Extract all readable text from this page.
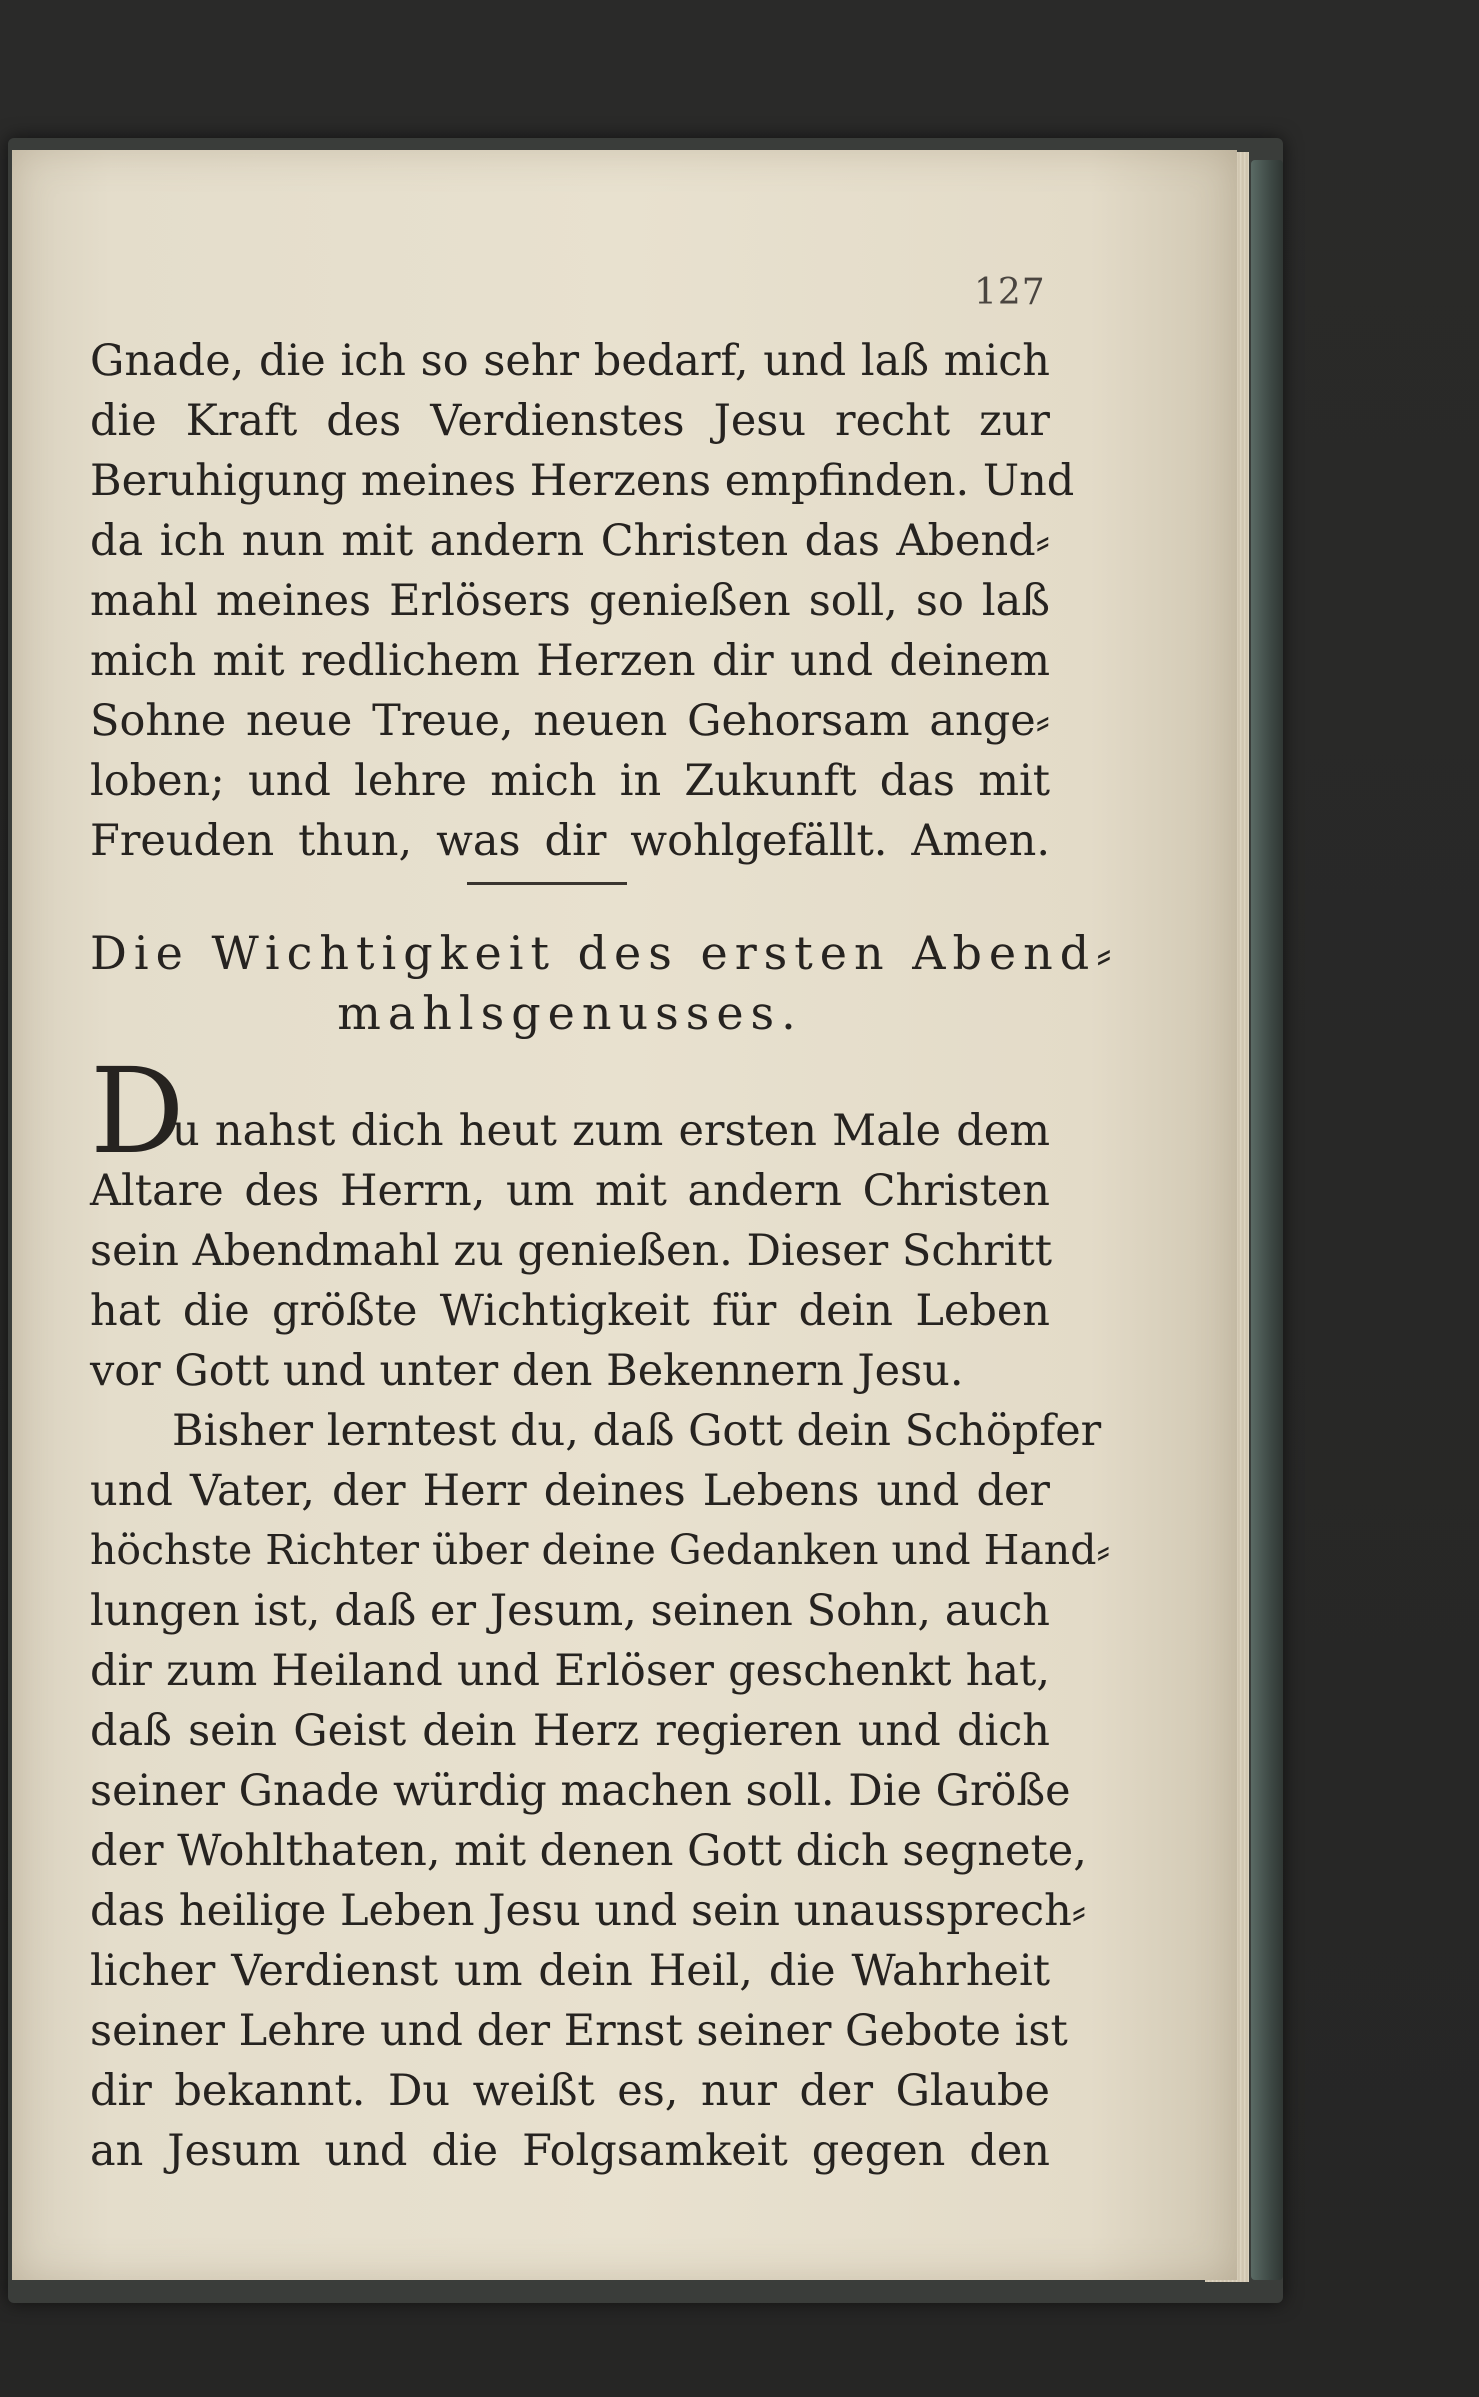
127
Gnade, die ich so sehr bedarf, und laß mich
die Kraft des Verdienstes Jesu recht zur
Beruhigung meines Herzens empfinden. Und
da ich nun mit andern Christen das Abend⸗
mahl meines Erlösers genießen soll, so laß
mich mit redlichem Herzen dir und deinem
Sohne neue Treue, neuen Gehorsam ange⸗
loben; und lehre mich in Zukunft das mit
Freuden thun, was dir wohlgefällt. Amen.
Die Wichtigkeit des ersten Abend⸗
mahlsgenusses.
D
u nahst dich heut zum ersten Male dem
Altare des Herrn, um mit andern Christen
sein Abendmahl zu genießen. Dieser Schritt
hat die größte Wichtigkeit für dein Leben
vor Gott und unter den Bekennern Jesu.
Bisher lerntest du, daß Gott dein Schöpfer
und Vater, der Herr deines Lebens und der
höchste Richter über deine Gedanken und Hand⸗
lungen ist, daß er Jesum, seinen Sohn, auch
dir zum Heiland und Erlöser geschenkt hat,
daß sein Geist dein Herz regieren und dich
seiner Gnade würdig machen soll. Die Größe
der Wohlthaten, mit denen Gott dich segnete,
das heilige Leben Jesu und sein unaussprech⸗
licher Verdienst um dein Heil, die Wahrheit
seiner Lehre und der Ernst seiner Gebote ist
dir bekannt. Du weißt es, nur der Glaube
an Jesum und die Folgsamkeit gegen den
